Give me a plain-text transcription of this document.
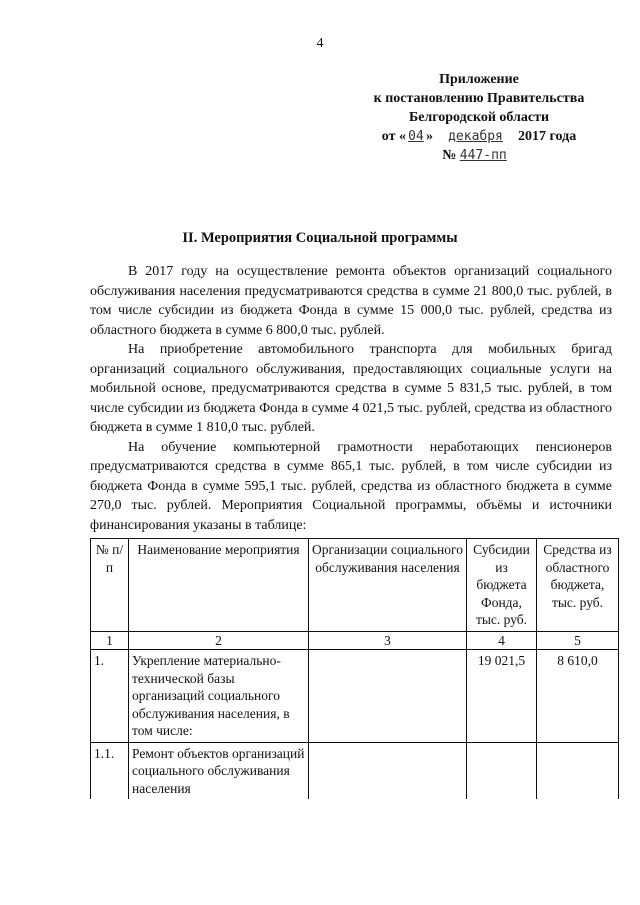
4
Приложение
к постановлению Правительства
Белгородской области
от « 04 » декабря 2017 года
№ 447-пп
II. Мероприятия Социальной программы

В 2017 году на осуществление ремонта объектов организаций социального обслуживания населения предусматриваются средства в сумме 21 800,0 тыс. рублей, в том числе субсидии из бюджета Фонда в сумме 15 000,0 тыс. рублей, средства из областного бюджета в сумме 6 800,0 тыс. рублей.

На приобретение автомобильного транспорта для мобильных бригад организаций социального обслуживания, предоставляющих социальные услуги на мобильной основе, предусматриваются средства в сумме 5 831,5 тыс. рублей, в том числе субсидии из бюджета Фонда в сумме 4 021,5 тыс. рублей, средства из областного бюджета в сумме 1 810,0 тыс. рублей.

На обучение компьютерной грамотности неработающих пенсионеров предусматриваются средства в сумме 865,1 тыс. рублей, в том числе субсидии из бюджета Фонда в сумме 595,1 тыс. рублей, средства из областного бюджета в сумме 270,0 тыс. рублей. Мероприятия Социальной программы, объёмы и источники финансирования указаны в таблице:

№ п/п	Наименование мероприятия	Организации социального обслуживания населения	Субсидии из бюджета Фонда, тыс. руб.	Средства из областного бюджета, тыс. руб.
1	2	3	4	5
1.	Укрепление материально-технической базы организаций социального обслуживания населения, в том числе:		19 021,5	8 610,0
1.1.	Ремонт объектов организаций социального обслуживания населения			
